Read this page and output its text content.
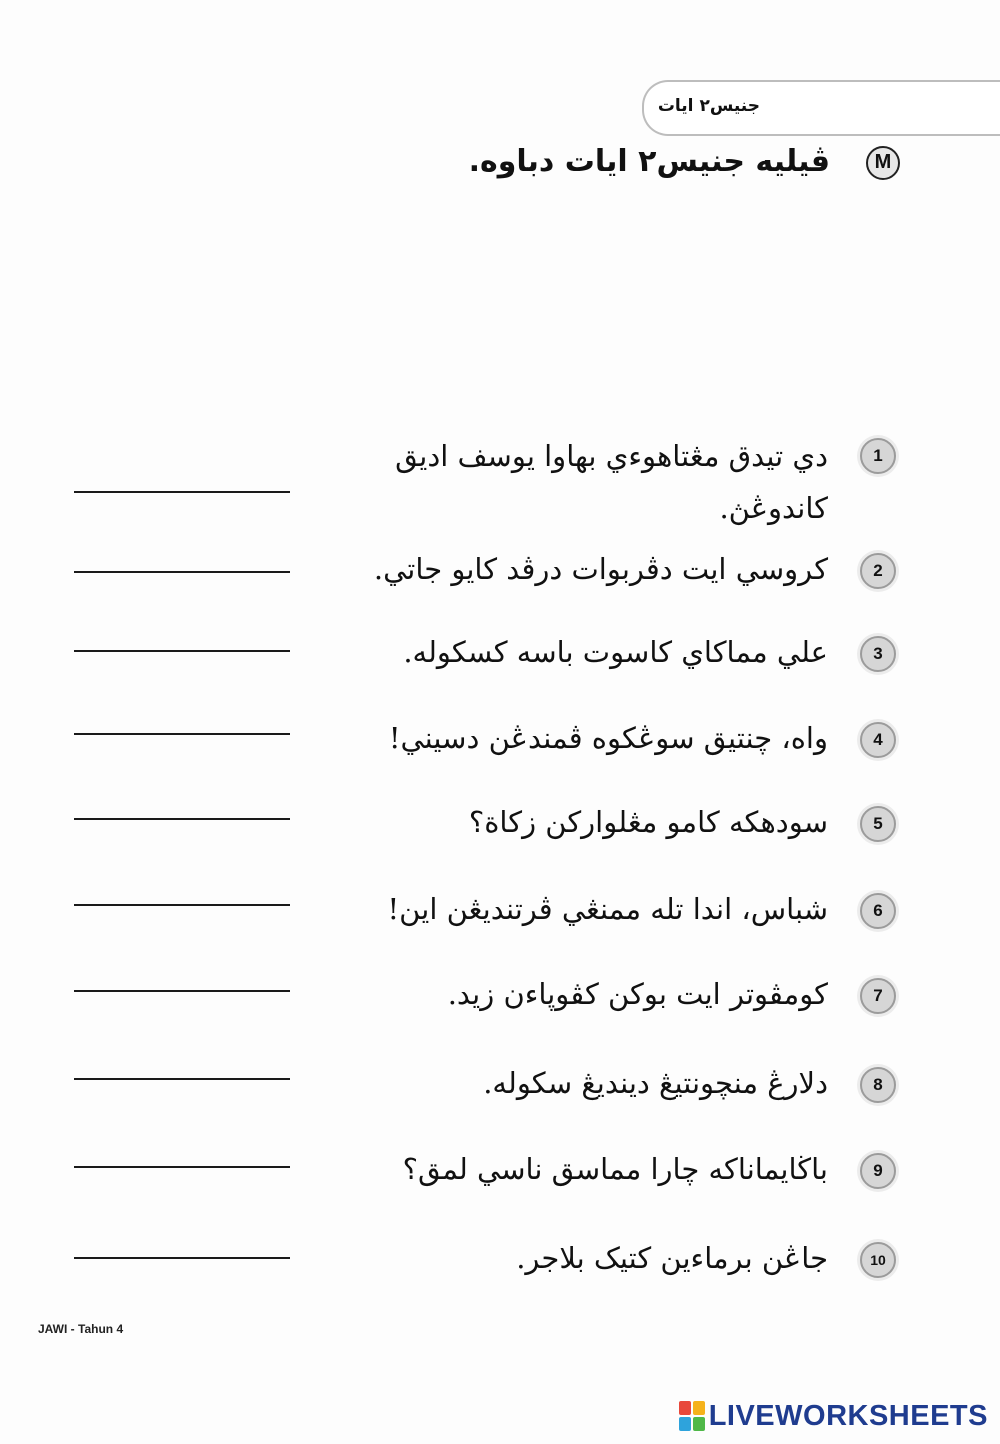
جنيس٢ ايات
M
ڤيليه جنيس٢ ايات دباوه.
1
دي تيدق مڠتاهوءي بهاوا يوسف اديق
كاندوڠڽ.
2
كروسي ايت دڤربوات درڤد كايو جاتي.
3
علي مماكاي كاسوت باسه كسكوله.
4
واه، چنتيق سوڠكوه ڤمندڠن دسيني!
5
سودهكه كامو مڠلواركن زكاة؟
6
شباس، اندا تله ممنڠي ڤرتنديڠن اين!
7
كومڤوتر ايت بوكن كڤوڽاءن زيد.
8
دلارڠ منچونتيڠ دينديڠ سكوله.
9
باڬايماناكه چارا مماسق ناسي لمق؟
10
جاڠن برماءين كتيک بلاجر.
JAWI - Tahun 4
LIVEWORKSHEETS
